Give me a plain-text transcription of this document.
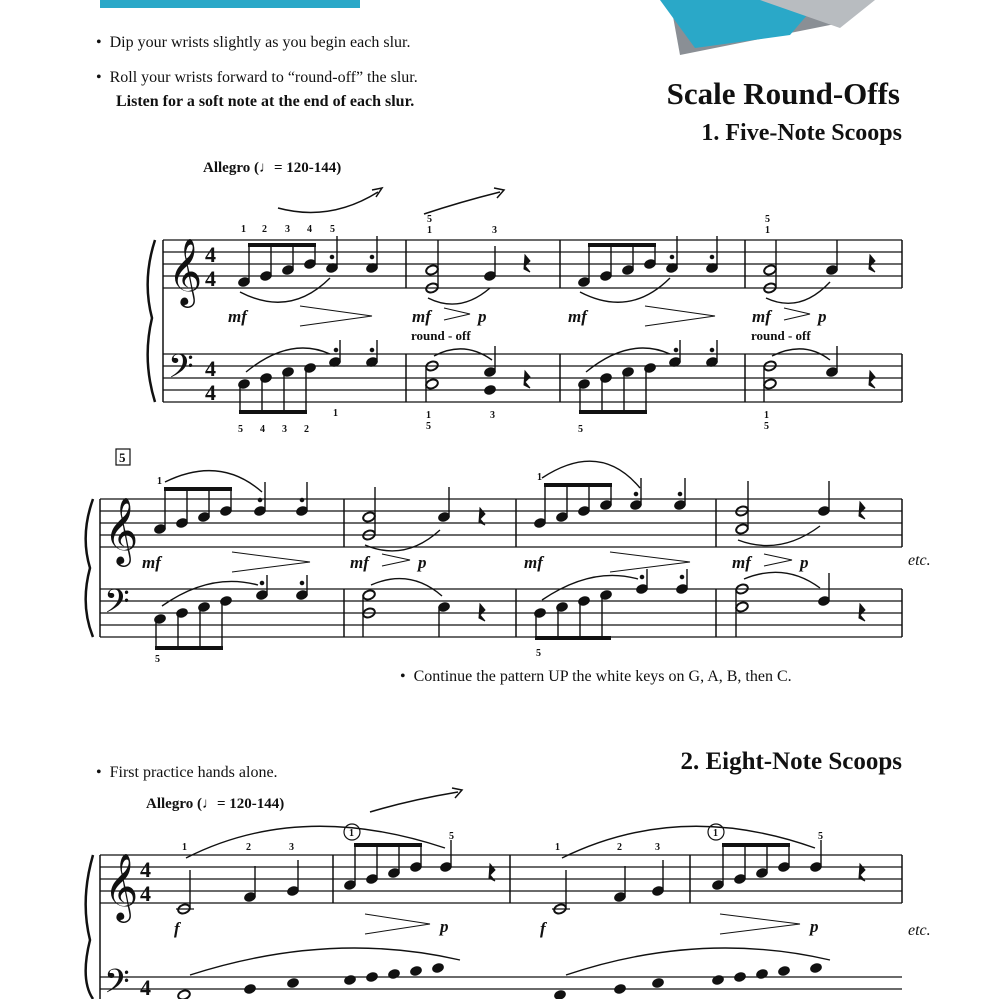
•  Dip your wrists slightly as you begin each slur.
•  Roll your wrists forward to “round-off” the slur.
Listen for a soft note at the end of each slur.	Scale Round-Offs
1. Five-Note Scoops
Allegro (♩= 120-144)
𝄞
𝄢
4
4
4
4
1 2 3 4 5
mf
5
1	3
mf	p
round - off
mf
5
1
mf	p
round - off
5 4 3 2
1	1
5
3
5
1
5
5
𝄞
𝄢
1
mf	mf	p
1
mf	mf	p
5
5
𝄞
𝄢
4
4
4
1	2	3
f
1	5
p
1	2	3
f
1	5
p
etc.
•  Continue the pattern UP the white keys on G, A, B, then C.
•  First practice hands alone.	2. Eight-Note Scoops
Allegro (♩= 120-144)
etc.
